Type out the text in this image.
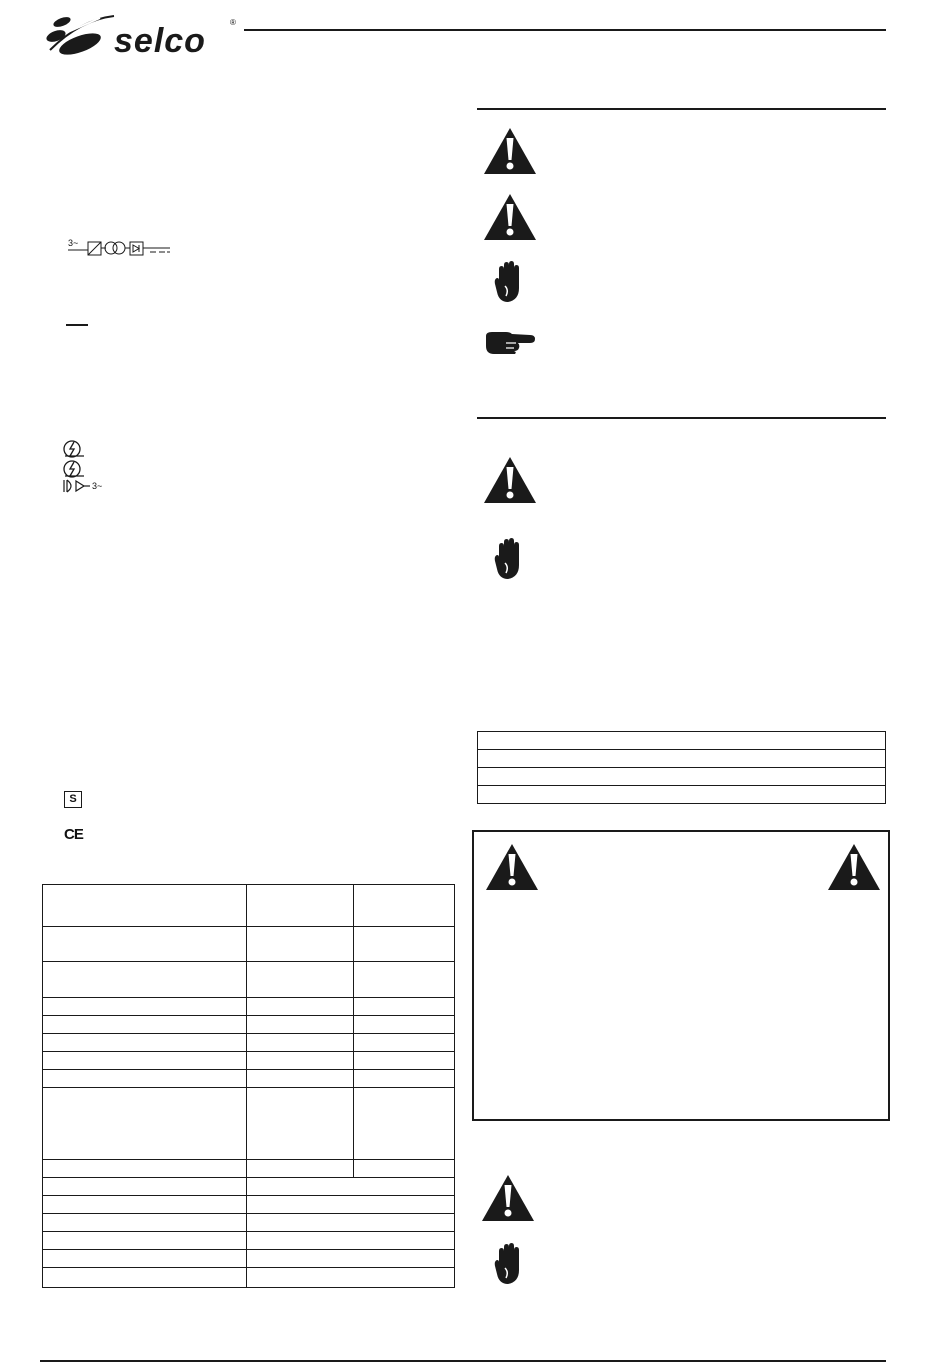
selco	®
3~
3~
S
CE
